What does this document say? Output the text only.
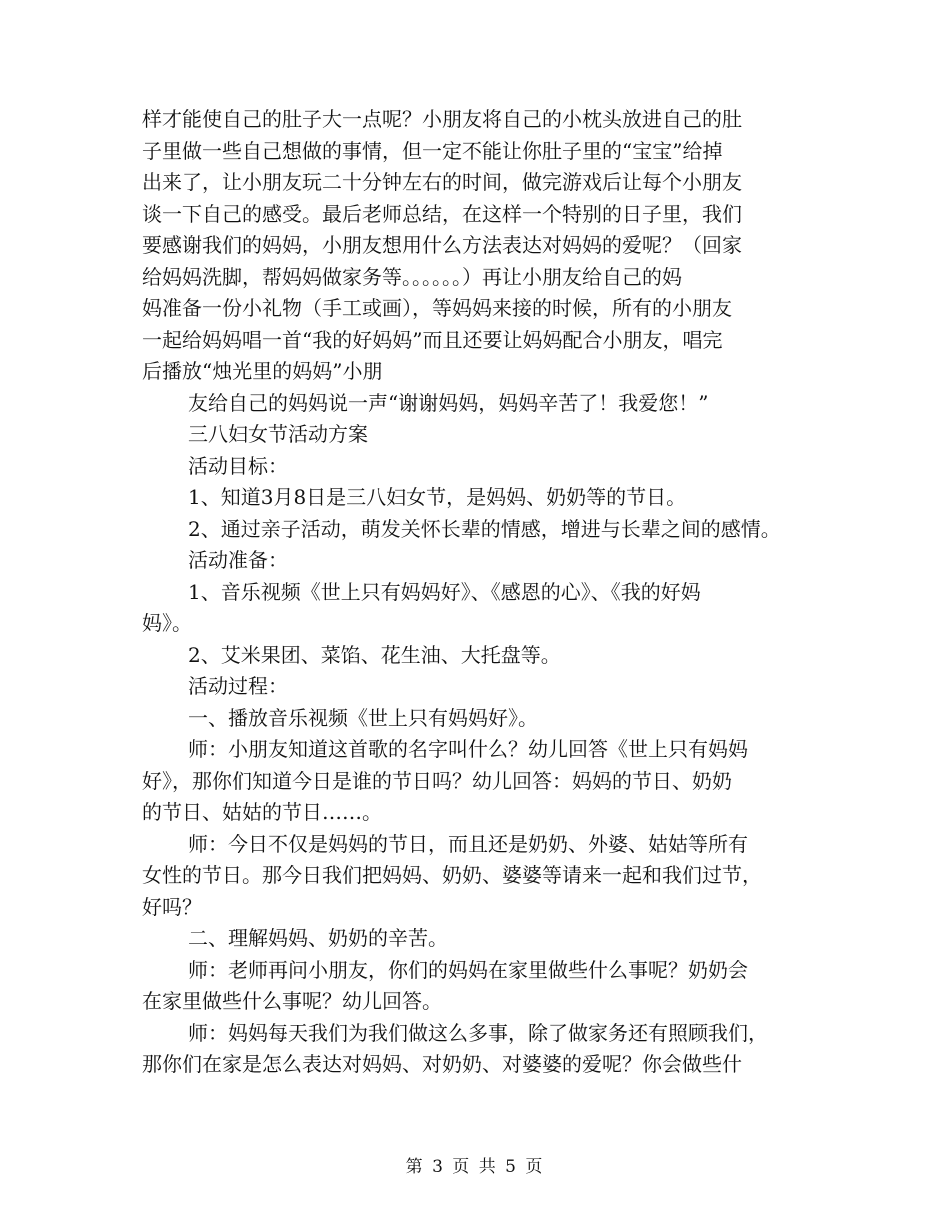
样才能使自己的肚子大一点呢？小朋友将自己的小枕头放进自己的肚

子里做一些自己想做的事情，但一定不能让你肚子里的“宝宝”给掉

出来了，让小朋友玩二十分钟左右的时间，做完游戏后让每个小朋友

谈一下自己的感受。最后老师总结，在这样一个特别的日子里，我们

要感谢我们的妈妈，小朋友想用什么方法表达对妈妈的爱呢？（回家

给妈妈洗脚，帮妈妈做家务等。。。。。。）再让小朋友给自己的妈

妈准备一份小礼物（手工或画），等妈妈来接的时候，所有的小朋友

一起给妈妈唱一首“我的好妈妈”而且还要让妈妈配合小朋友，唱完

后播放“烛光里的妈妈”小朋

友给自己的妈妈说一声“谢谢妈妈，妈妈辛苦了！我爱您！”

三八妇女节活动方案

活动目标：

1、知道3月8日是三八妇女节，是妈妈、奶奶等的节日。

2、通过亲子活动，萌发关怀长辈的情感，增进与长辈之间的感情。

活动准备：

1、音乐视频《世上只有妈妈好》、《感恩的心》、《我的好妈

妈》。

2、艾米果团、菜馅、花生油、大托盘等。

活动过程：

一、播放音乐视频《世上只有妈妈好》。

师：小朋友知道这首歌的名字叫什么？幼儿回答《世上只有妈妈

好》，那你们知道今日是谁的节日吗？幼儿回答：妈妈的节日、奶奶

的节日、姑姑的节日……。

师：今日不仅是妈妈的节日，而且还是奶奶、外婆、姑姑等所有

女性的节日。那今日我们把妈妈、奶奶、婆婆等请来一起和我们过节，

好吗？

二、理解妈妈、奶奶的辛苦。

师：老师再问小朋友，你们的妈妈在家里做些什么事呢？奶奶会

在家里做些什么事呢？幼儿回答。

师：妈妈每天我们为我们做这么多事，除了做家务还有照顾我们，

那你们在家是怎么表达对妈妈、对奶奶、对婆婆的爱呢？你会做些什

第 3 页 共 5 页
